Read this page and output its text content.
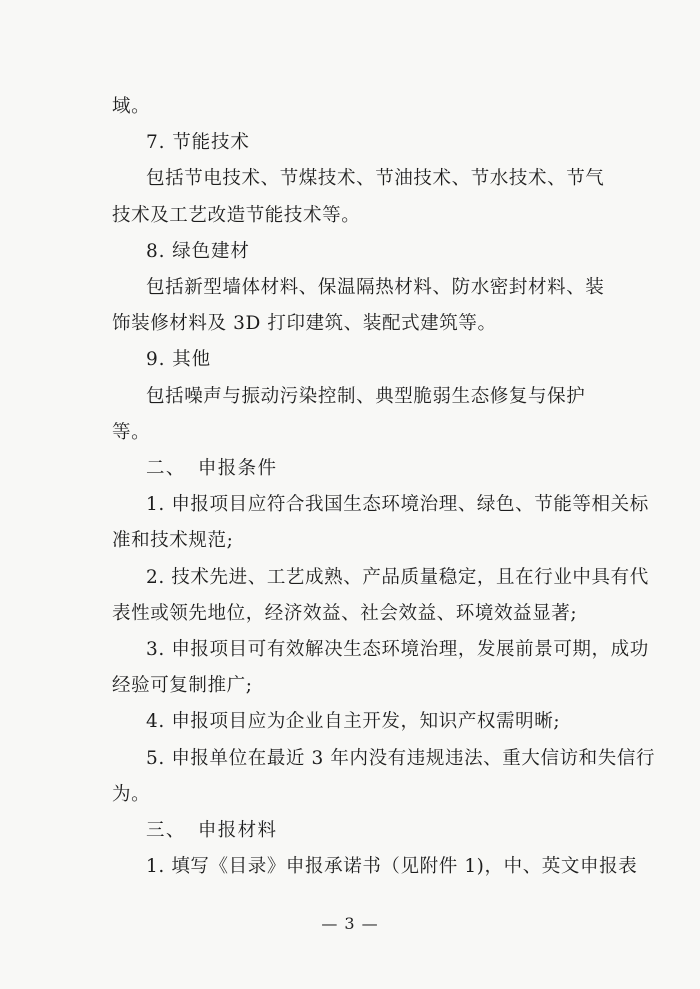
域。

7. 节能技术

包括节电技术、节煤技术、节油技术、节水技术、节气

技术及工艺改造节能技术等。

8. 绿色建材

包括新型墙体材料、保温隔热材料、防水密封材料、装

饰装修材料及 3D 打印建筑、装配式建筑等。

9. 其他

包括噪声与振动污染控制、典型脆弱生态修复与保护

等。

二、 申报条件

1. 申报项目应符合我国生态环境治理、绿色、节能等相关标

准和技术规范;

2. 技术先进、工艺成熟、产品质量稳定，且在行业中具有代

表性或领先地位，经济效益、社会效益、环境效益显著;

3. 申报项目可有效解决生态环境治理，发展前景可期，成功

经验可复制推广;

4. 申报项目应为企业自主开发，知识产权需明晰;

5. 申报单位在最近 3 年内没有违规违法、重大信访和失信行

为。

三、 申报材料

1. 填写《目录》申报承诺书（见附件 1)，中、英文申报表

— 3 —
